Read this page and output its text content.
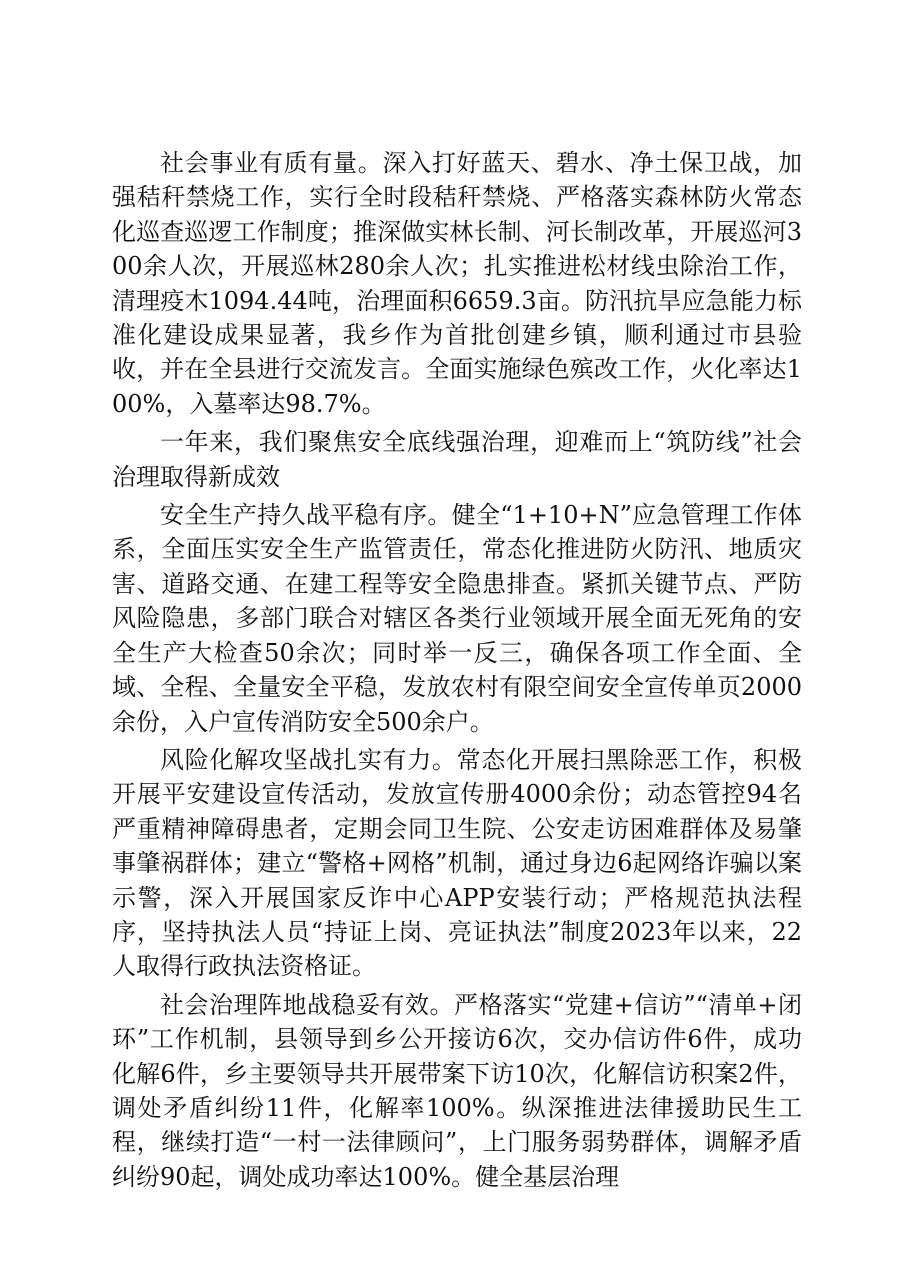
社会事业有质有量。深入打好蓝天、碧水、净土保卫战，加强秸秆禁烧工作，实行全时段秸秆禁烧、严格落实森林防火常态化巡查巡逻工作制度；推深做实林长制、河长制改革，开展巡河300余人次，开展巡林280余人次；扎实推进松材线虫除治工作，清理疫木1094.44吨，治理面积6659.3亩。防汛抗旱应急能力标准化建设成果显著，我乡作为首批创建乡镇，顺利通过市县验收，并在全县进行交流发言。全面实施绿色殡改工作，火化率达100%，入墓率达98.7%。

一年来，我们聚焦安全底线强治理，迎难而上“筑防线”社会治理取得新成效

安全生产持久战平稳有序。健全“1+10+N”应急管理工作体系，全面压实安全生产监管责任，常态化推进防火防汛、地质灾害、道路交通、在建工程等安全隐患排查。紧抓关键节点、严防风险隐患，多部门联合对辖区各类行业领域开展全面无死角的安全生产大检查50余次；同时举一反三，确保各项工作全面、全域、全程、全量安全平稳，发放农村有限空间安全宣传单页2000余份，入户宣传消防安全500余户。

风险化解攻坚战扎实有力。常态化开展扫黑除恶工作，积极开展平安建设宣传活动，发放宣传册4000余份；动态管控94名严重精神障碍患者，定期会同卫生院、公安走访困难群体及易肇事肇祸群体；建立“警格+网格”机制，通过身边6起网络诈骗以案示警，深入开展国家反诈中心APP安装行动；严格规范执法程序，坚持执法人员“持证上岗、亮证执法”制度2023年以来，22人取得行政执法资格证。

社会治理阵地战稳妥有效。严格落实“党建+信访”“清单+闭环”工作机制，县领导到乡公开接访6次，交办信访件6件，成功化解6件，乡主要领导共开展带案下访10次，化解信访积案2件，调处矛盾纠纷11件，化解率100%。纵深推进法律援助民生工程，继续打造“一村一法律顾问”，上门服务弱势群体，调解矛盾纠纷90起，调处成功率达100%。健全基层治理
